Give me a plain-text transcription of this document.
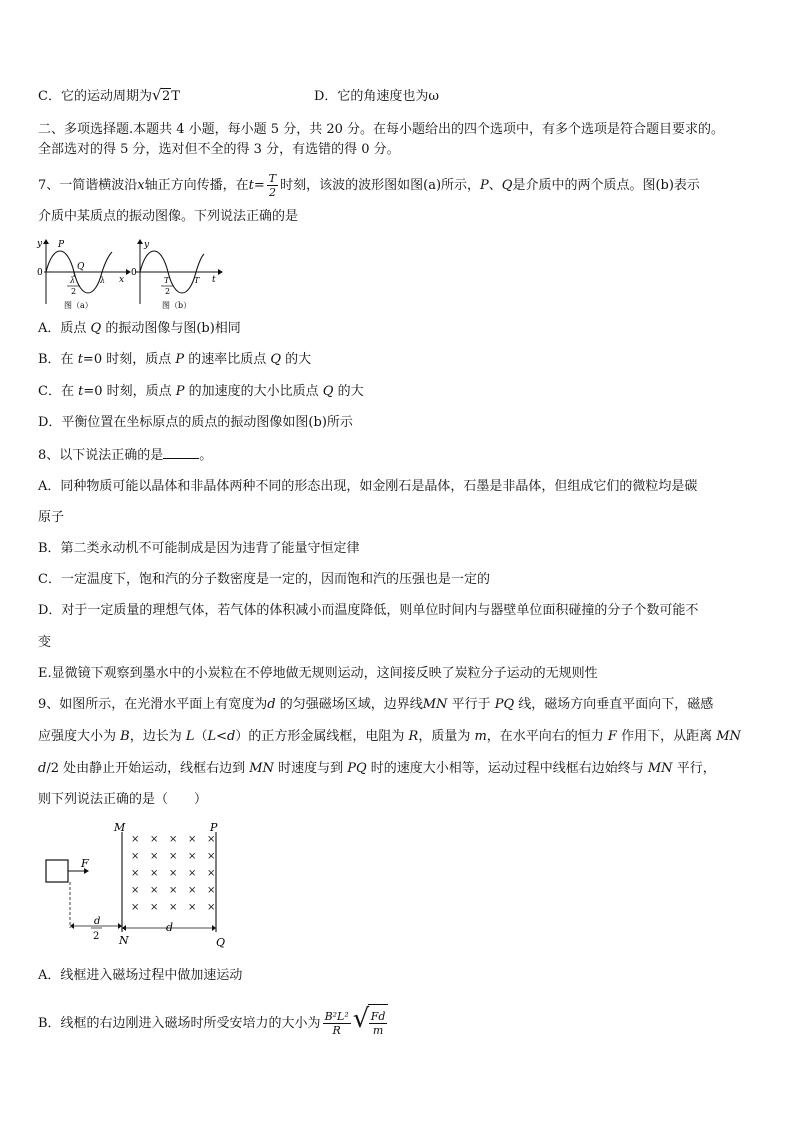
C．它的运动周期为 √ 2T	D．它的角速度也为ω
二、多项选择题.本题共 4 小题，每小题 5 分，共 20 分。在每小题给出的四个选项中，有多个选项是符合题目要求的。
全部选对的得 5 分，选对但不全的得 3 分，有选错的得 0 分。
7、一简谐横波沿x轴正方向传播，在$t= \frac{T}{2}$ 时刻，该波的波形图如图(a)所示，P、Q是介质中的两个质点。图(b)表示
介质中某质点的振动图像。下列说法正确的是
y P
Q
0
λ
2
λ x
图（a）
y
0
T
2
T t
图（b）
A．质点 Q 的振动图像与图(b)相同
B．在 t=0 时刻，质点 P 的速率比质点 Q 的大
C．在 t=0 时刻，质点 P 的加速度的大小比质点 Q 的大
D．平衡位置在坐标原点的质点的振动图像如图(b)所示
8、以下说法正确的是	。
A．同种物质可能以晶体和非晶体两种不同的形态出现，如金刚石是晶体，石墨是非晶体，但组成它们的微粒均是碳
原子
B．第二类永动机不可能制成是因为违背了能量守恒定律
C．一定温度下，饱和汽的分子数密度是一定的，因而饱和汽的压强也是一定的
D．对于一定质量的理想气体，若气体的体积减小而温度降低，则单位时间内与器壁单位面积碰撞的分子个数可能不
变
E.显微镜下观察到墨水中的小炭粒在不停地做无规则运动，这间接反映了炭粒分子运动的无规则性
9、如图所示，在光滑水平面上有宽度为d 的匀强磁场区域，边界线MN 平行于 PQ 线，磁场方向垂直平面向下，磁感
应强度大小为 B，边长为 L（L<d）的正方形金属线框，电阻为 R，质量为 m，在水平向右的恒力 F 作用下，从距离 MN
d/2 处由静止开始运动，线框右边到 MN 时速度与到 PQ 时的速度大小相等，运动过程中线框右边始终与 MN 平行，
则下列说法正确的是（　　）
F
M	P
N	Q
× × × × ×
× × × × ×
× × × × ×
× × × × ×
× × × × ×
d
2
d
A．线框进入磁场过程中做加速运动
B．线框的右边刚进入磁场时所受安培力的大小为 $\frac{\text{B²L²}}{R}$ √ $\frac{Fd}{m}$
